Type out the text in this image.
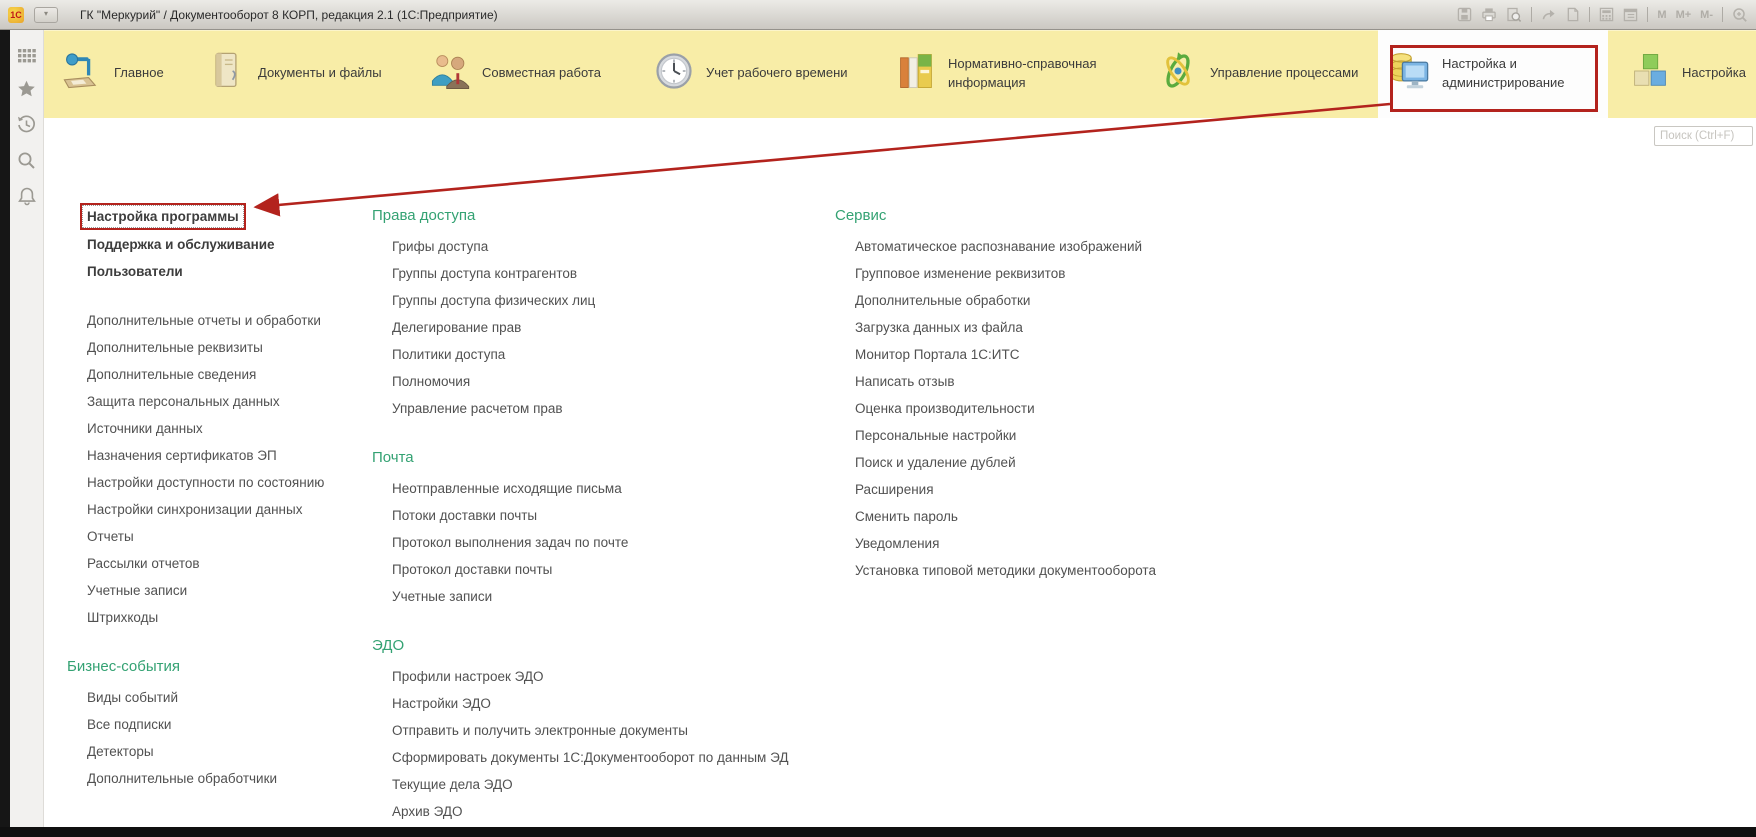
1С	▾	ГК "Меркурий" / Документооборот 8 КОРП, редакция 2.1 (1С:Предприятие)	M M+ M-
Главное	Документы и файлы	Совместная работа	Учет рабочего времени
Нормативно-справочная информация
Управление процессами
Настройка и администрирование
Настройка
Поиск (Ctrl+F)
Настройка программы

Поддержка и обслуживание
Пользователи
Дополнительные отчеты и обработки
Дополнительные реквизиты
Дополнительные сведения
Защита персональных данных
Источники данных
Назначения сертификатов ЭП
Настройки доступности по состоянию
Настройки синхронизации данных
Отчеты
Рассылки отчетов
Учетные записи
Штрихкоды
Бизнес-события
Виды событий
Все подписки
Детекторы
Дополнительные обработчики
Права доступа
Грифы доступа
Группы доступа контрагентов
Группы доступа физических лиц
Делегирование прав
Политики доступа
Полномочия
Управление расчетом прав
Почта
Неотправленные исходящие письма
Потоки доставки почты
Протокол выполнения задач по почте
Протокол доставки почты
Учетные записи
ЭДО
Профили настроек ЭДО
Настройки ЭДО
Отправить и получить электронные документы
Сформировать документы 1С:Документооборот по данным ЭД
Текущие дела ЭДО
Архив ЭДО
Сервис
Автоматическое распознавание изображений
Групповое изменение реквизитов
Дополнительные обработки
Загрузка данных из файла
Монитор Портала 1С:ИТС
Написать отзыв
Оценка производительности
Персональные настройки
Поиск и удаление дублей
Расширения
Сменить пароль
Уведомления
Установка типовой методики документооборота
